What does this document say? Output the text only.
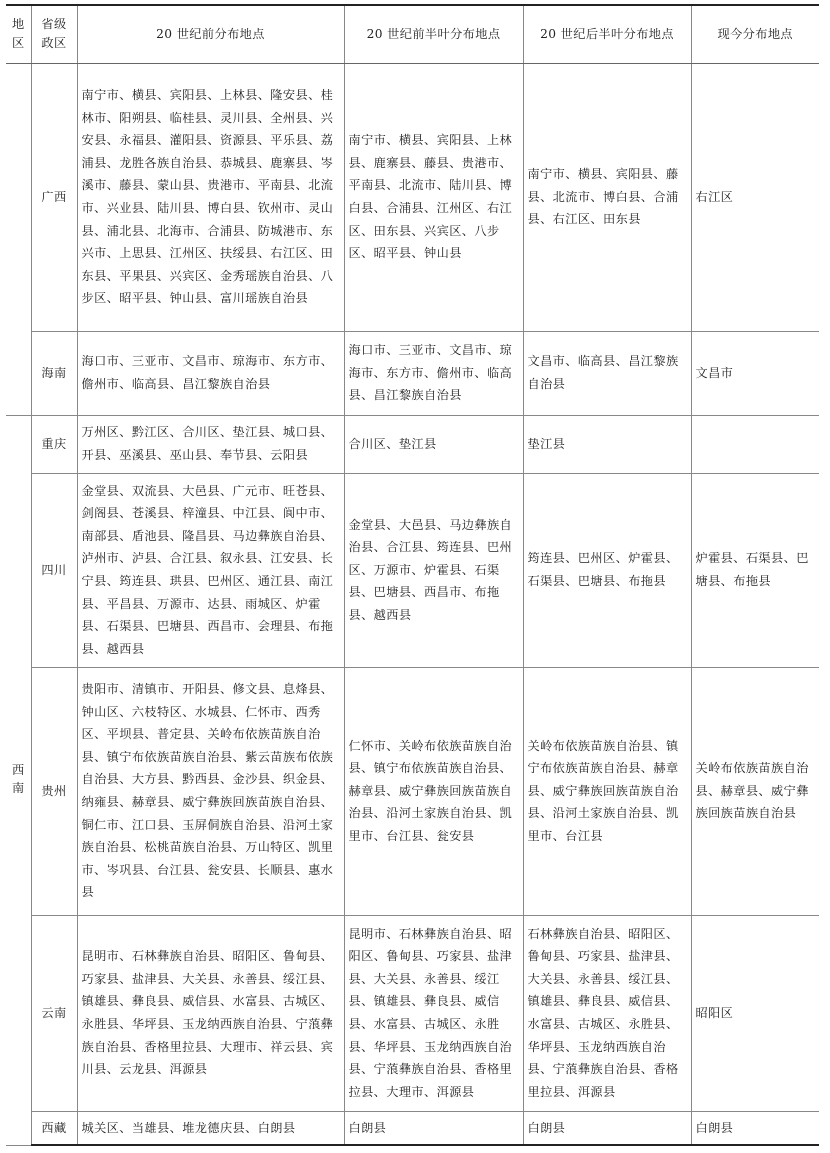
地区	省级政区	20 世纪前分布地点	20 世纪前半叶分布地点	20 世纪后半叶分布地点	现今分布地点
	广西	南宁市、横县、宾阳县、上林县、隆安县、桂林市、阳朔县、临桂县、灵川县、全州县、兴安县、永福县、灌阳县、资源县、平乐县、荔浦县、龙胜各族自治县、恭城县、鹿寨县、岑溪市、藤县、蒙山县、贵港市、平南县、北流市、兴业县、陆川县、博白县、钦州市、灵山县、浦北县、北海市、合浦县、防城港市、东兴市、上思县、江州区、扶绥县、右江区、田东县、平果县、兴宾区、金秀瑶族自治县、八步区、昭平县、钟山县、富川瑶族自治县	南宁市、横县、宾阳县、上林县、鹿寨县、藤县、贵港市、平南县、北流市、陆川县、博白县、合浦县、江州区、右江区、田东县、兴宾区、八步区、昭平县、钟山县	南宁市、横县、宾阳县、藤县、北流市、博白县、合浦县、右江区、田东县	右江区
	海南	海口市、三亚市、文昌市、琼海市、东方市、儋州市、临高县、昌江黎族自治县	海口市、三亚市、文昌市、琼海市、东方市、儋州市、临高县、昌江黎族自治县	文昌市、临高县、昌江黎族自治县	文昌市
西南	重庆	万州区、黔江区、合川区、垫江县、城口县、开县、巫溪县、巫山县、奉节县、云阳县	合川区、垫江县	垫江县	
	四川	金堂县、双流县、大邑县、广元市、旺苍县、剑阁县、苍溪县、梓潼县、中江县、阆中市、南部县、盾池县、隆昌县、马边彝族自治县、泸州市、泸县、合江县、叙永县、江安县、长宁县、筠连县、珙县、巴州区、通江县、南江县、平昌县、万源市、达县、雨城区、炉霍县、石渠县、巴塘县、西昌市、会理县、布拖县、越西县	金堂县、大邑县、马边彝族自治县、合江县、筠连县、巴州区、万源市、炉霍县、石渠县、巴塘县、西昌市、布拖县、越西县	筠连县、巴州区、炉霍县、石渠县、巴塘县、布拖县	炉霍县、石渠县、巴塘县、布拖县
	贵州	贵阳市、清镇市、开阳县、修文县、息烽县、钟山区、六枝特区、水城县、仁怀市、西秀区、平坝县、普定县、关岭布依族苗族自治县、镇宁布依族苗族自治县、紫云苗族布依族自治县、大方县、黔西县、金沙县、织金县、纳雍县、赫章县、威宁彝族回族苗族自治县、铜仁市、江口县、玉屏侗族自治县、沿河土家族自治县、松桃苗族自治县、万山特区、凯里市、岑巩县、台江县、瓮安县、长顺县、惠水县	仁怀市、关岭布依族苗族自治县、镇宁布依族苗族自治县、赫章县、威宁彝族回族苗族自治县、沿河土家族自治县、凯里市、台江县、瓮安县	关岭布依族苗族自治县、镇宁布依族苗族自治县、赫章县、威宁彝族回族苗族自治县、沿河土家族自治县、凯里市、台江县	关岭布依族苗族自治县、赫章县、威宁彝族回族苗族自治县
	云南	昆明市、石林彝族自治县、昭阳区、鲁甸县、巧家县、盐津县、大关县、永善县、绥江县、镇雄县、彝良县、威信县、水富县、古城区、永胜县、华坪县、玉龙纳西族自治县、宁蒗彝族自治县、香格里拉县、大理市、祥云县、宾川县、云龙县、洱源县	昆明市、石林彝族自治县、昭阳区、鲁甸县、巧家县、盐津县、大关县、永善县、绥江县、镇雄县、彝良县、威信县、水富县、古城区、永胜县、华坪县、玉龙纳西族自治县、宁蒗彝族自治县、香格里拉县、大理市、洱源县	石林彝族自治县、昭阳区、鲁甸县、巧家县、盐津县、大关县、永善县、绥江县、镇雄县、彝良县、威信县、水富县、古城区、永胜县、华坪县、玉龙纳西族自治县、宁蒗彝族自治县、香格里拉县、洱源县	昭阳区
	西藏	城关区、当雄县、堆龙德庆县、白朗县	白朗县	白朗县	白朗县
